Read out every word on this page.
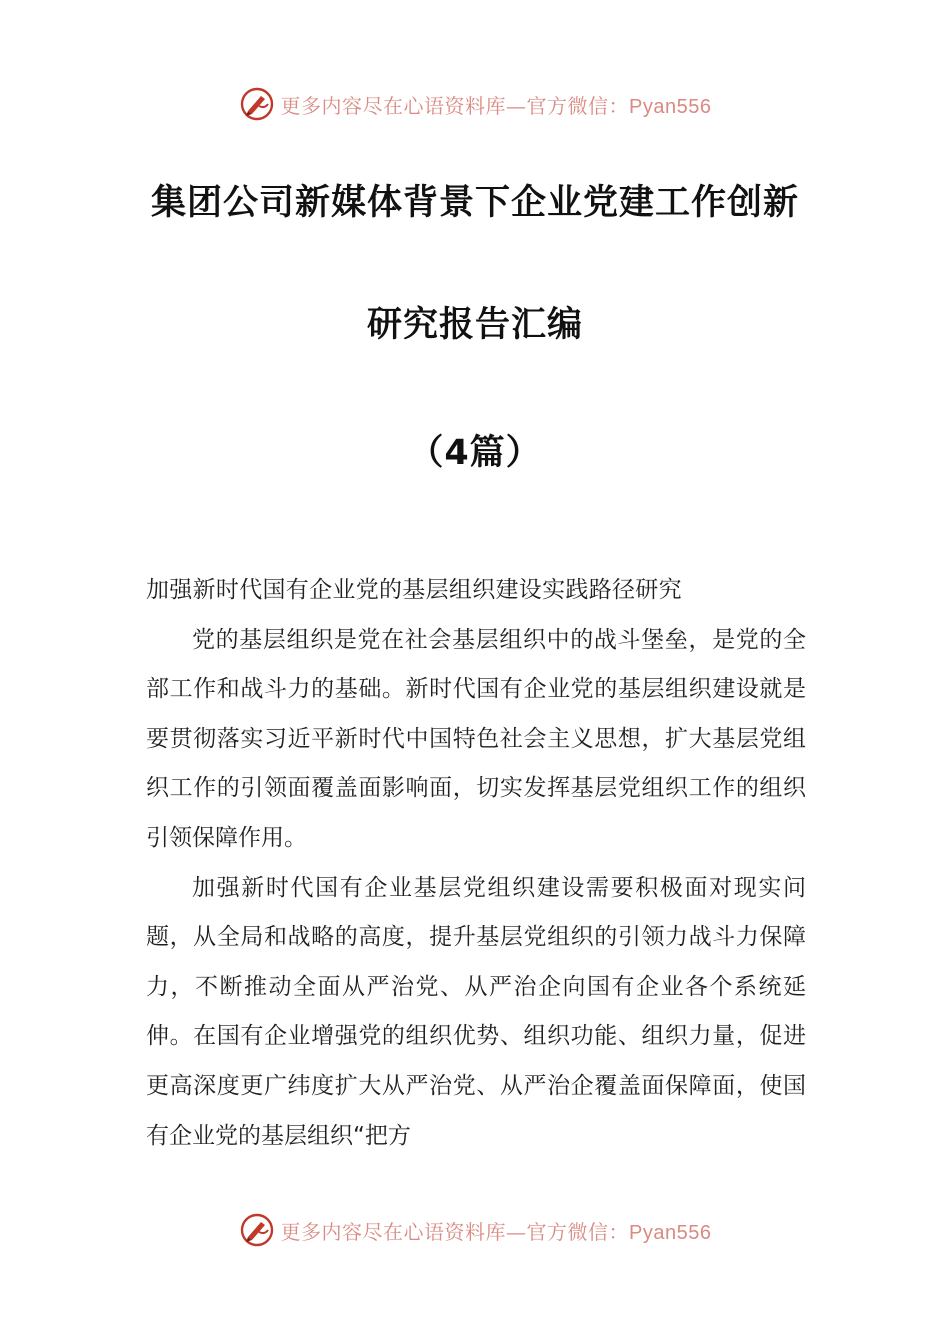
更多内容尽在心语资料库—官方微信：Pyan556
集团公司新媒体背景下企业党建工作创新
研究报告汇编
（4篇）

加强新时代国有企业党的基层组织建设实践路径研究

党的基层组织是党在社会基层组织中的战斗堡垒，是党的全部工作和战斗力的基础。新时代国有企业党的基层组织建设就是要贯彻落实习近平新时代中国特色社会主义思想，扩大基层党组织工作的引领面覆盖面影响面，切实发挥基层党组织工作的组织引领保障作用。

加强新时代国有企业基层党组织建设需要积极面对现实问题，从全局和战略的高度，提升基层党组织的引领力战斗力保障力，不断推动全面从严治党、从严治企向国有企业各个系统延伸。在国有企业增强党的组织优势、组织功能、组织力量，促进更高深度更广纬度扩大从严治党、从严治企覆盖面保障面，使国有企业党的基层组织“把方

更多内容尽在心语资料库—官方微信：Pyan556
